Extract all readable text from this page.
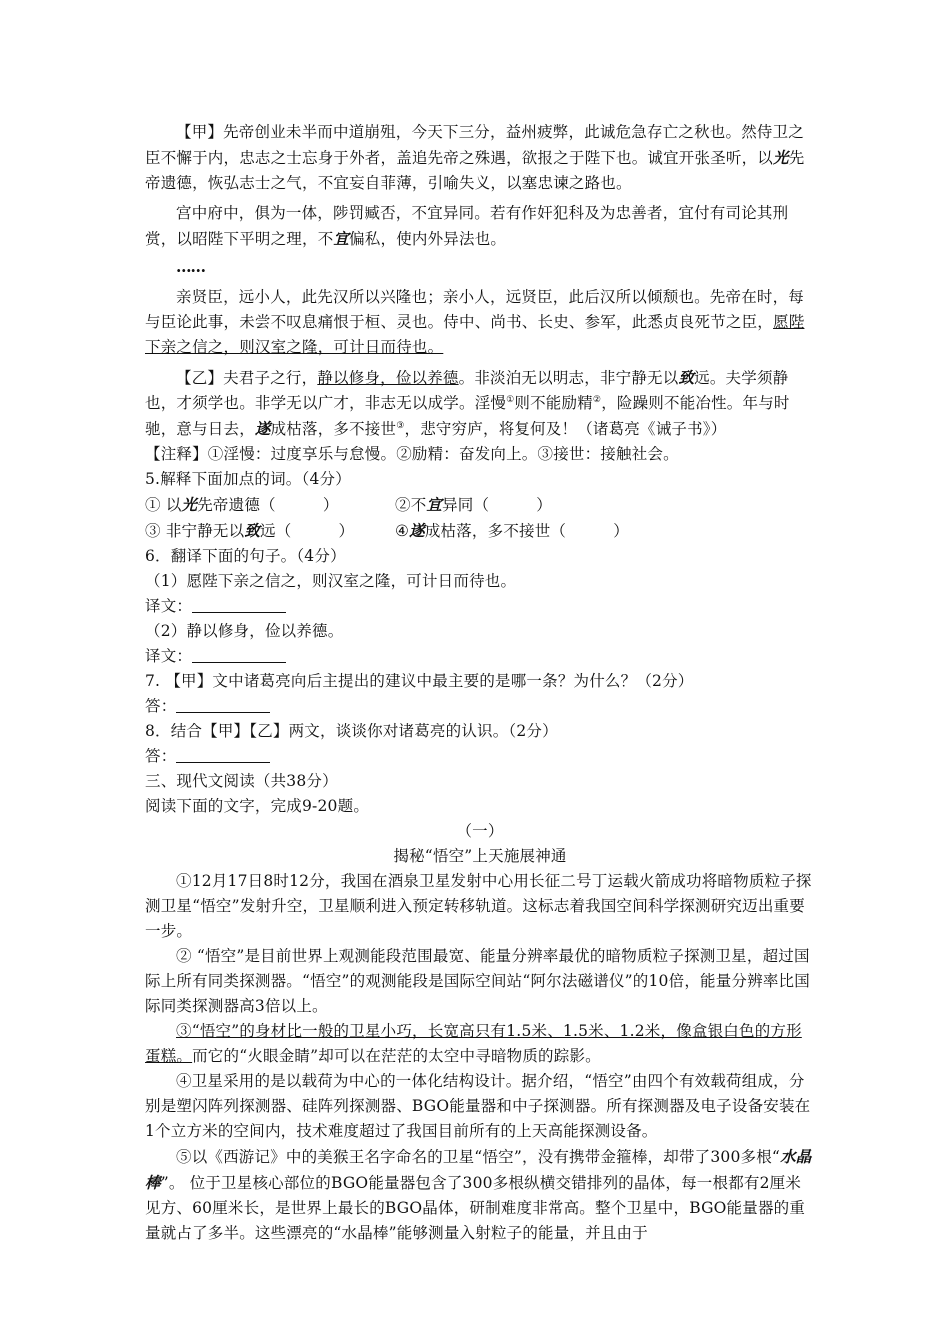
【甲】先帝创业未半而中道崩殂，今天下三分，益州疲弊，此诚危急存亡之秋也。然侍卫之臣不懈于内，忠志之士忘身于外者，盖追先帝之殊遇，欲报之于陛下也。诚宜开张圣听，以光先帝遗德，恢弘志士之气，不宜妄自菲薄，引喻失义，以塞忠谏之路也。

宫中府中，俱为一体，陟罚臧否，不宜异同。若有作奸犯科及为忠善者，宜付有司论其刑赏，以昭陛下平明之理，不宜偏私，使内外异法也。

……

亲贤臣，远小人，此先汉所以兴隆也；亲小人，远贤臣，此后汉所以倾颓也。先帝在时，每与臣论此事，未尝不叹息痛恨于桓、灵也。侍中、尚书、长史、参军，此悉贞良死节之臣，愿陛下亲之信之，则汉室之隆，可计日而待也。

【乙】夫君子之行，静以修身，俭以养德。非淡泊无以明志，非宁静无以致远。夫学须静也，才须学也。非学无以广才，非志无以成学。淫慢①则不能励精②，险躁则不能冶性。年与时驰，意与日去，遂成枯落，多不接世③，悲守穷庐，将复何及！（诸葛亮《诫子书》）

【注释】①淫慢：过度享乐与怠慢。②励精：奋发向上。③接世：接触社会。

5.解释下面加点的词。（4分）

① 以光先帝遗德（　　　）	②不宜异同（　　　）
③ 非宁静无以致远（　　　）	④遂成枯落，多不接世（　　　）

6．翻译下面的句子。（4分）

（1）愿陛下亲之信之，则汉室之隆，可计日而待也。

译文：

（2）静以修身，俭以养德。

译文：

7. 【甲】文中诸葛亮向后主提出的建议中最主要的是哪一条？为什么？（2分）

答：

8．结合【甲】【乙】两文，谈谈你对诸葛亮的认识。（2分）

答：

三、现代文阅读（共38分）

阅读下面的文字，完成9-20题。

（一）

揭秘“悟空”上天施展神通

①12月17日8时12分，我国在酒泉卫星发射中心用长征二号丁运载火箭成功将暗物质粒子探测卫星“悟空”发射升空，卫星顺利进入预定转移轨道。这标志着我国空间科学探测研究迈出重要一步。

② “悟空”是目前世界上观测能段范围最宽、能量分辨率最优的暗物质粒子探测卫星，超过国际上所有同类探测器。“悟空”的观测能段是国际空间站“阿尔法磁谱仪”的10倍，能量分辨率比国际同类探测器高3倍以上。

③“悟空”的身材比一般的卫星小巧，长宽高只有1.5米、1.5米、1.2米，像盒银白色的方形蛋糕。而它的“火眼金睛”却可以在茫茫的太空中寻暗物质的踪影。

④卫星采用的是以载荷为中心的一体化结构设计。据介绍，“悟空”由四个有效载荷组成，分别是塑闪阵列探测器、硅阵列探测器、BGO能量器和中子探测器。所有探测器及电子设备安装在1个立方米的空间内，技术难度超过了我国目前所有的上天高能探测设备。

⑤以《西游记》中的美猴王名字命名的卫星“悟空”，没有携带金箍棒，却带了300多根“水晶棒”。 位于卫星核心部位的BGO能量器包含了300多根纵横交错排列的晶体，每一根都有2厘米见方、60厘米长，是世界上最长的BGO晶体，研制难度非常高。整个卫星中，BGO能量器的重量就占了多半。这些漂亮的“水晶棒”能够测量入射粒子的能量，并且由于
